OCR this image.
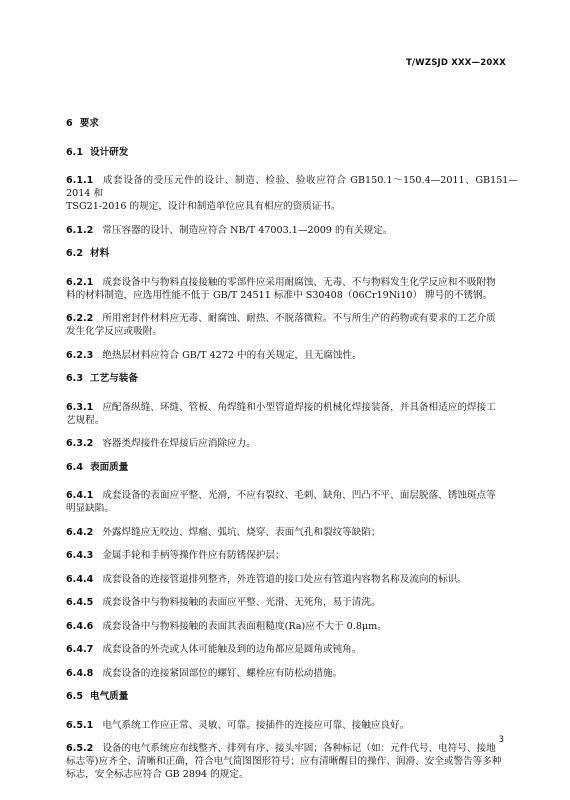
T/WZSJD XXX—20XX

6 要求

6.1 设计研发

6.1.1 成套设备的受压元件的设计、制造、检验、验收应符合 GB150.1～150.4—2011、GB151—2014 和

TSG21-2016 的规定，设计和制造单位应具有相应的资质证书。

6.1.2 常压容器的设计、制造应符合 NB/T 47003.1—2009 的有关规定。

6.2 材料

6.2.1 成套设备中与物料直接接触的零部件应采用耐腐蚀、无毒、不与物料发生化学反应和不吸附物

料的材料制造，应选用性能不低于 GB/T 24511 标准中 S30408（06Cr19Ni10） 牌号的不锈钢。

6.2.2 所用密封件材料应无毒、耐腐蚀、耐热、不脱落微粒。不与所生产的药物或有要求的工艺介质

发生化学反应或吸附。

6.2.3 绝热层材料应符合 GB/T 4272 中的有关规定，且无腐蚀性。

6.3 工艺与装备

6.3.1 应配备纵缝、环缝、管板、角焊缝和小型管道焊接的机械化焊接装备，并具备相适应的焊接工

艺规程。

6.3.2 容器类焊接件在焊接后应消除应力。

6.4 表面质量

6.4.1 成套设备的表面应平整、光滑，不应有裂纹、毛刺、缺角、凹凸不平、面层脱落、锈蚀斑点等

明显缺陷。

6.4.2 外露焊缝应无咬边、焊瘤、弧坑、烧穿、表面气孔和裂纹等缺陷；

6.4.3 金属手轮和手柄等操作件应有防锈保护层；

6.4.4 成套设备的连接管道排列整齐，外连管道的接口处应有管道内容物名称及流向的标识。

6.4.5 成套设备中与物料接触的表面应平整、光滑、无死角，易于清洗。

6.4.6 成套设备中与物料接触的表面其表面粗糙度(Ra)应不大于 0.8μm。

6.4.7 成套设备的外壳或人体可能触及到的边角都应是圆角或钝角。

6.4.8 成套设备的连接紧固部位的螺钉、螺栓应有防松动措施。

6.5 电气质量

6.5.1 电气系统工作应正常、灵敏、可靠。接插件的连接应可靠、接触应良好。

6.5.2 设备的电气系统应布线整齐、排列有序、接头牢固；各种标记（如：元件代号、电符号、接地

标志等)应齐全、清晰和正确，符合电气简图图形符号；应有清晰醒目的操作、润滑、安全或警告等多种

标志，安全标志应符合 GB 2894 的规定。

3
